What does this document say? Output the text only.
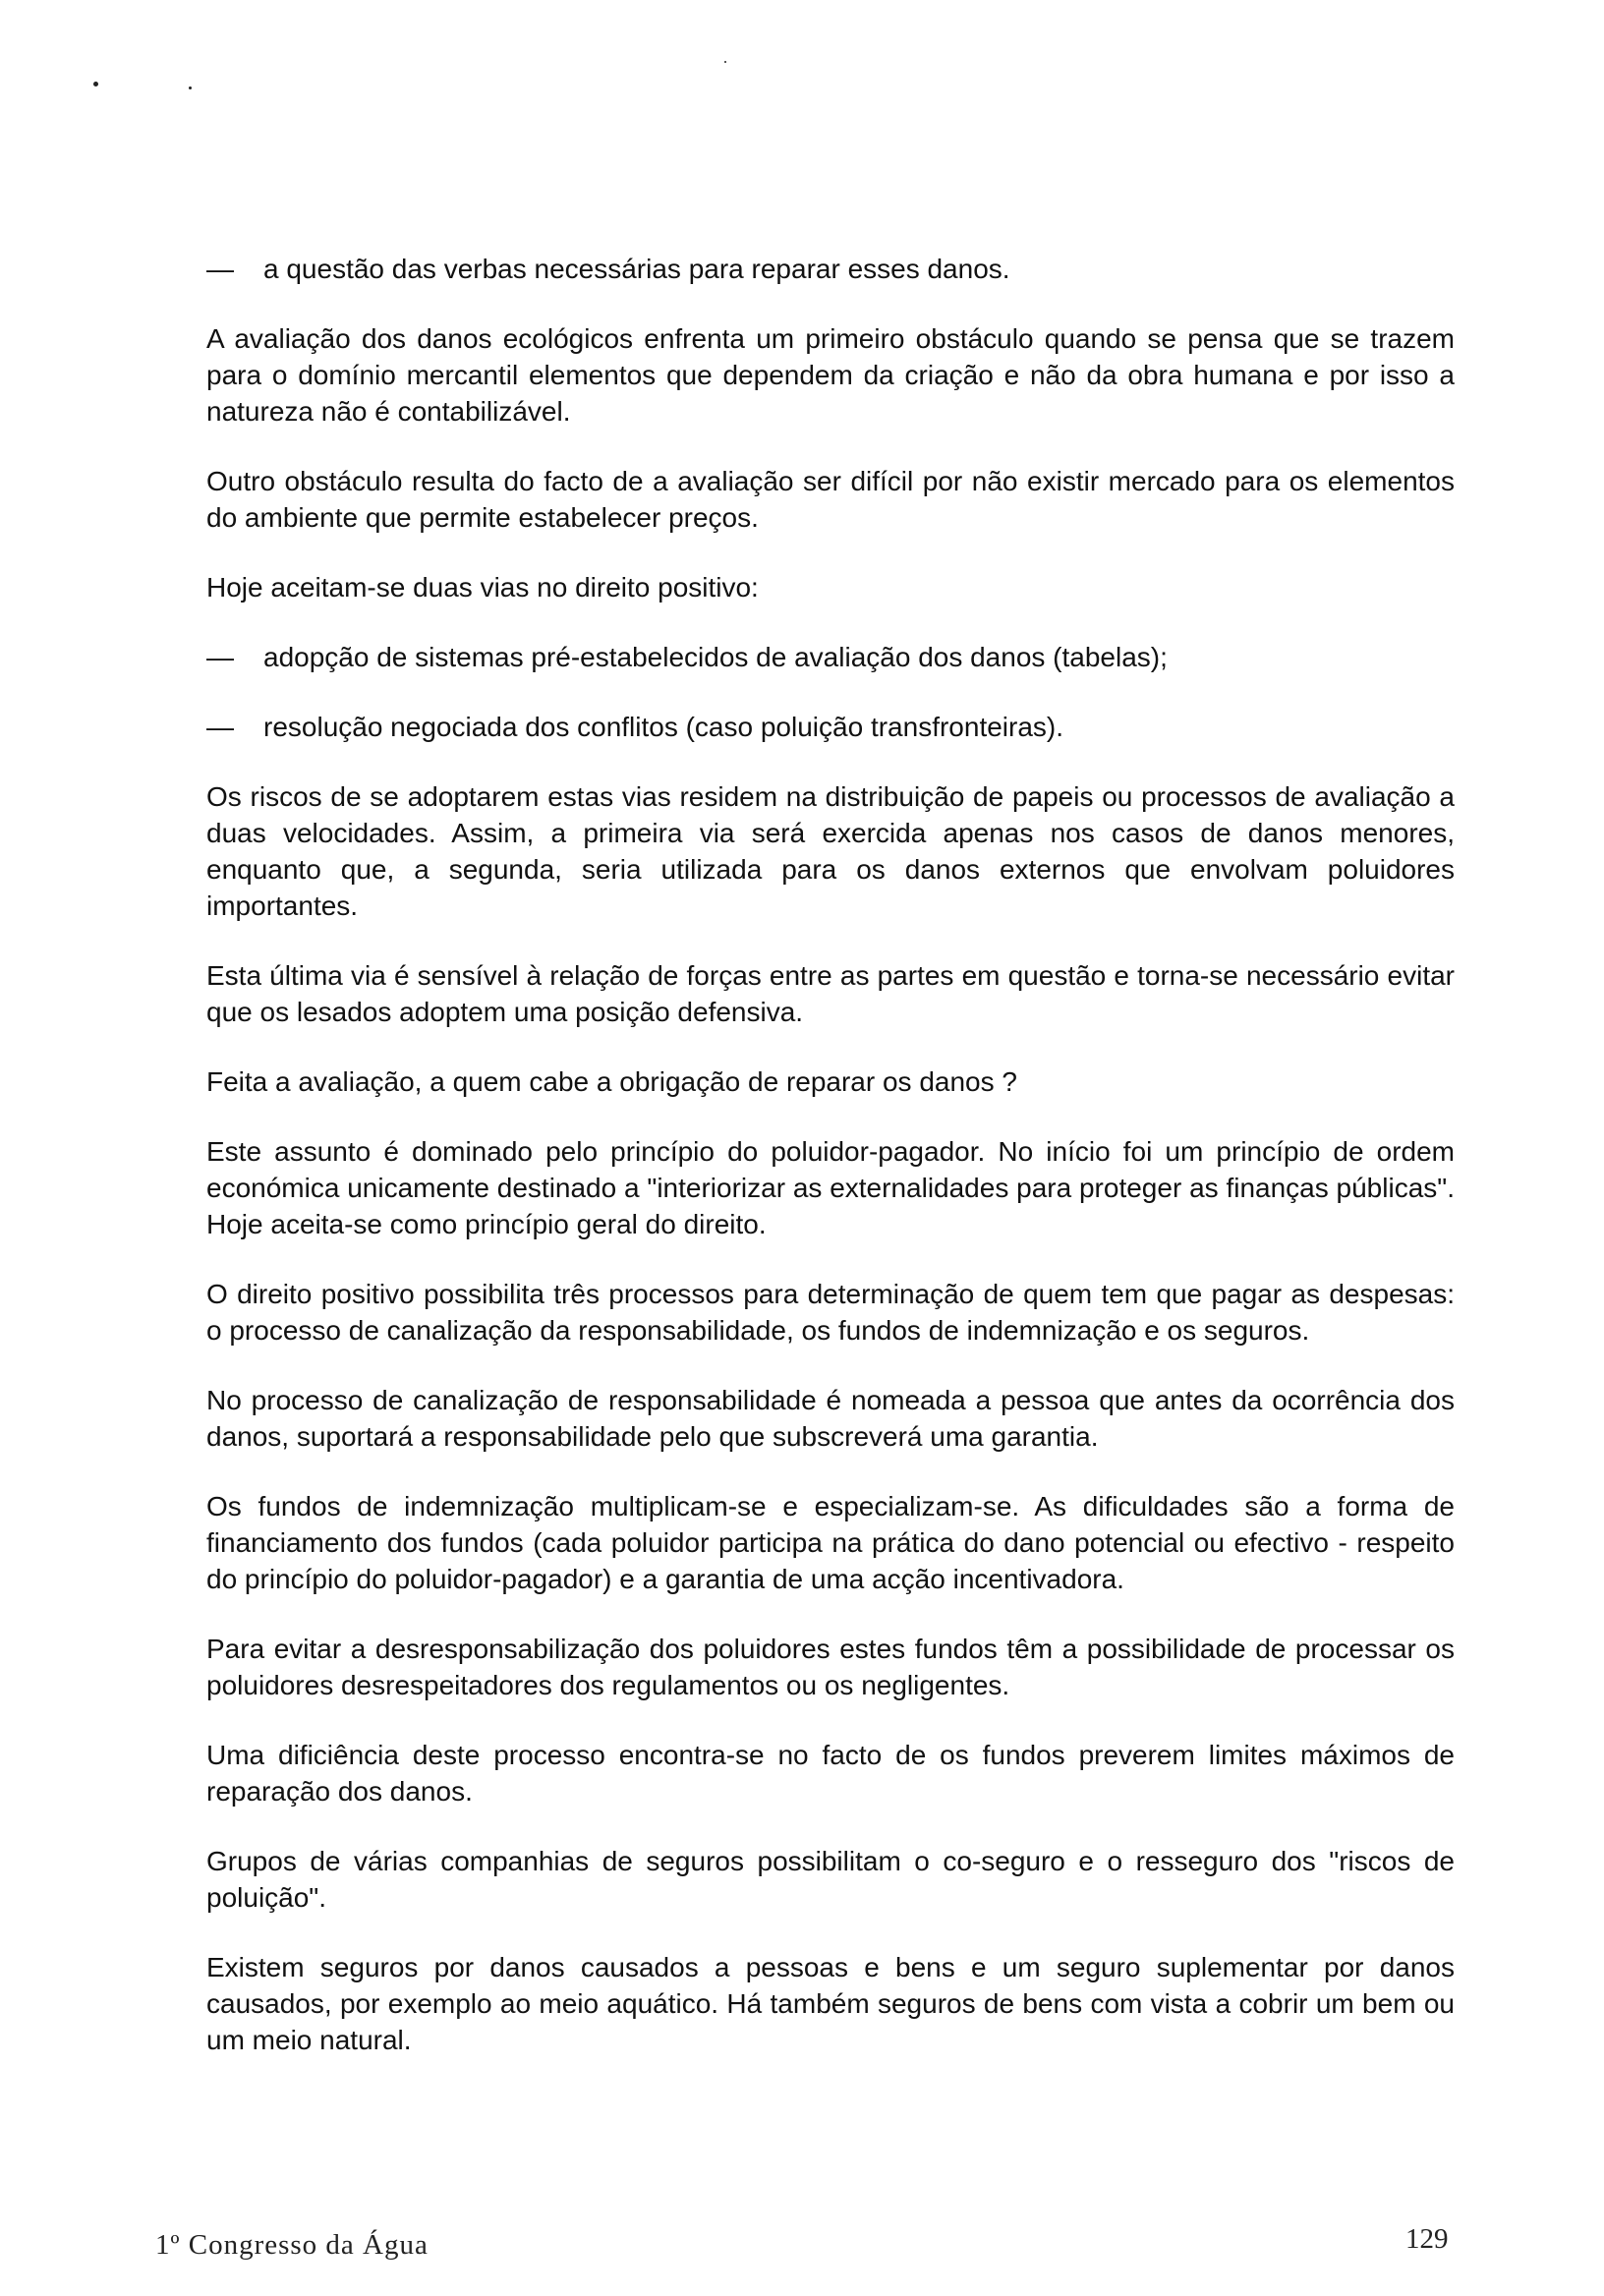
—	a questão das verbas necessárias para reparar esses danos.

A avaliação dos danos ecológicos enfrenta um primeiro obstáculo quando se pensa que se trazem para o domínio mercantil elementos que dependem da criação e não da obra humana e por isso a natureza não é contabilizável.

Outro obstáculo resulta do facto de a avaliação ser difícil por não existir mercado para os elementos do ambiente que permite estabelecer preços.

Hoje aceitam-se duas vias no direito positivo:

—	adopção de sistemas pré-estabelecidos de avaliação dos danos (tabelas);
—	resolução negociada dos conflitos (caso poluição transfronteiras).

Os riscos de se adoptarem estas vias residem na distribuição de papeis ou processos de avaliação a duas velocidades. Assim, a primeira via será exercida apenas nos casos de danos menores, enquanto que, a segunda, seria utilizada para os danos externos que envolvam poluidores importantes.

Esta última via é sensível à relação de forças entre as partes em questão e torna-se necessário evitar que os lesados adoptem uma posição defensiva.

Feita a avaliação, a quem cabe a obrigação de reparar os danos ?

Este assunto é dominado pelo princípio do poluidor-pagador. No início foi um princípio de ordem económica unicamente destinado a "interiorizar as externalidades para proteger as finanças públicas". Hoje aceita-se como princípio geral do direito.

O direito positivo possibilita três processos para determinação de quem tem que pagar as despesas: o processo de canalização da responsabilidade, os fundos de indemnização e os seguros.

No processo de canalização de responsabilidade é nomeada a pessoa que antes da ocorrência dos danos, suportará a responsabilidade pelo que subscreverá uma garantia.

Os fundos de indemnização multiplicam-se e especializam-se. As dificuldades são a forma de financiamento dos fundos (cada poluidor participa na prática do dano potencial ou efectivo - respeito do princípio do poluidor-pagador) e a garantia de uma acção incentivadora.

Para evitar a desresponsabilização dos poluidores estes fundos têm a possibilidade de processar os poluidores desrespeitadores dos regulamentos ou os negligentes.

Uma dificiência deste processo encontra-se no facto de os fundos preverem limites máximos de reparação dos danos.

Grupos de várias companhias de seguros possibilitam o co-seguro e o resseguro dos "riscos de poluição".

Existem seguros por danos causados a pessoas e bens e um seguro suplementar por danos causados, por exemplo ao meio aquático. Há também seguros de bens com vista a cobrir um bem ou um meio natural.

1º Congresso da Água	129
